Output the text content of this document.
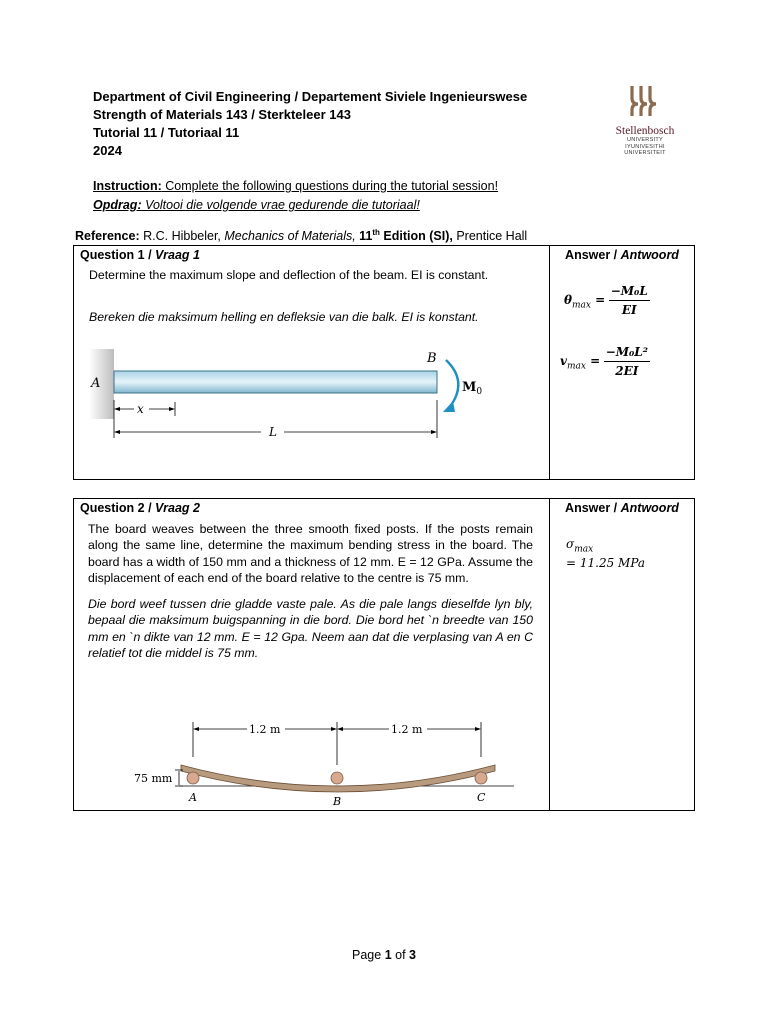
Department of Civil Engineering / Departement Siviele Ingenieurswese
Strength of Materials 143 / Sterkteleer 143
Tutorial 11 / Tutoriaal 11
2024
Stellenbosch
UNIVERSITY
IYUNIVESITHI
UNIVERSITEIT
Instruction: Complete the following questions during the tutorial session!
Opdrag: Voltooi die volgende vrae gedurende die tutoriaal!
Reference: R.C. Hibbeler, Mechanics of Materials, 11th Edition (SI), Prentice Hall
Question 1 / Vraag 1
Determine the maximum slope and deflection of the beam. EI is constant.
Bereken die maksimum helling en defleksie van die balk. EI is konstant.
A
B
$M_0$
x
L

Answer / Antwoord
$\theta_{max} = \frac{\text{−M₀L}}{EI}$
$v_{max} = \frac{\text{−M₀L²}}{2EI}$
Question 2 / Vraag 2
The board weaves between the three smooth fixed posts. If the posts remain along the same line, determine the maximum bending stress in the board. The board has a width of 150 mm and a thickness of 12 mm. E = 12 GPa. Assume the displacement of each end of the board relative to the centre is 75 mm.
Die bord weef tussen drie gladde vaste pale. As die pale langs dieselfde lyn bly, bepaal die maksimum buigspanning in die bord. Die bord het `n breedte van 150 mm en `n dikte van 12 mm. E = 12 Gpa. Neem aan dat die verplasing van A en C relatief tot die middel is 75 mm.
1.2 m	1.2 m
75 mm
A	B	C

Answer / Antwoord
$\sigma_{max}$
= 11.25 MPa
Page 1 of 3
